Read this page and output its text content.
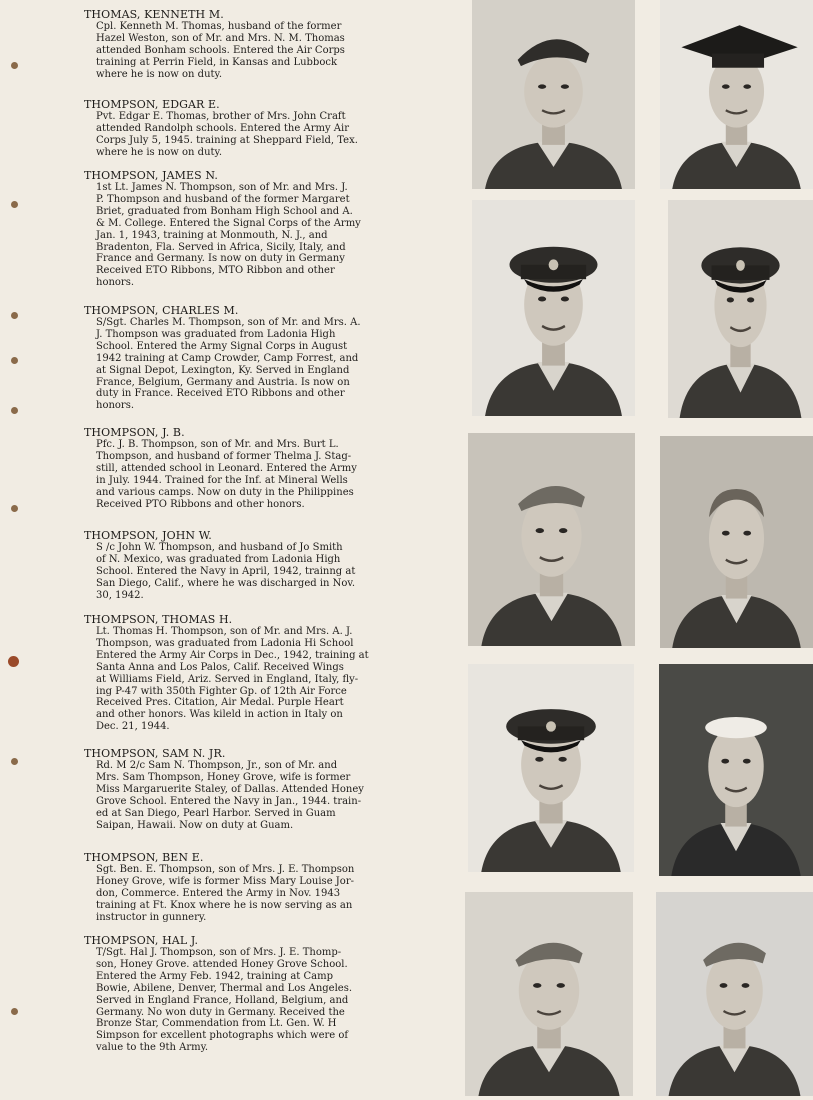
THOMAS, KENNETH M.
Cpl. Kenneth M. Thomas, husband of the former
Hazel Weston, son of Mr. and Mrs. N. M. Thomas
attended Bonham schools. Entered the Air Corps
training at Perrin Field, in Kansas and Lubbock
where he is now on duty.
THOMPSON, EDGAR E.
Pvt. Edgar E. Thomas, brother of Mrs. John Craft
attended Randolph schools. Entered the Army Air
Corps July 5, 1945. training at Sheppard Field, Tex.
where he is now on duty.
THOMPSON, JAMES N.
1st Lt. James N. Thompson, son of Mr. and Mrs. J.
P. Thompson and husband of the former Margaret
Briet, graduated from Bonham High School and A.
& M. College. Entered the Signal Corps of the Army
Jan. 1, 1943, training at Monmouth, N. J., and
Bradenton, Fla. Served in Africa, Sicily, Italy, and
France and Germany. Is now on duty in Germany
Received ETO Ribbons, MTO Ribbon and other
honors.
THOMPSON, CHARLES M.
S/Sgt. Charles M. Thompson, son of Mr. and Mrs. A.
J. Thompson was graduated from Ladonia High
School. Entered the Army Signal Corps in August
1942 training at Camp Crowder, Camp Forrest, and
at Signal Depot, Lexington, Ky. Served in England
France, Belgium, Germany and Austria. Is now on
duty in France. Received ETO Ribbons and other
honors.
THOMPSON, J. B.
Pfc. J. B. Thompson, son of Mr. and Mrs. Burt L.
Thompson, and husband of former Thelma J. Stag-
still, attended school in Leonard. Entered the Army
in July. 1944. Trained for the Inf. at Mineral Wells
and various camps. Now on duty in the Philippines
Received PTO Ribbons and other honors.
THOMPSON, JOHN W.
S /c John W. Thompson, and husband of Jo Smith
of N. Mexico, was graduated from Ladonia High
School. Entered the Navy in April, 1942, trainng at
San Diego, Calif., where he was discharged in Nov.
30, 1942.
THOMPSON, THOMAS H.
Lt. Thomas H. Thompson, son of Mr. and Mrs. A. J.
Thompson, was graduated from Ladonia Hi School
Entered the Army Air Corps in Dec., 1942, training at
Santa Anna and Los Palos, Calif. Received Wings
at Williams Field, Ariz. Served in England, Italy, fly-
ing P-47 with 350th Fighter Gp. of 12th Air Force
Received Pres. Citation, Air Medal. Purple Heart
and other honors. Was kileld in action in Italy on
Dec. 21, 1944.
THOMPSON, SAM N. JR.
Rd. M 2/c Sam N. Thompson, Jr., son of Mr. and
Mrs. Sam Thompson, Honey Grove, wife is former
Miss Margaruerite Staley, of Dallas. Attended Honey
Grove School. Entered the Navy in Jan., 1944. train-
ed at San Diego, Pearl Harbor. Served in Guam
Saipan, Hawaii. Now on duty at Guam.
THOMPSON, BEN E.
Sgt. Ben. E. Thompson, son of Mrs. J. E. Thompson
Honey Grove, wife is former Miss Mary Louise Jor-
don, Commerce. Entered the Army in Nov. 1943
training at Ft. Knox where he is now serving as an
instructor in gunnery.
THOMPSON, HAL J.
T/Sgt. Hal J. Thompson, son of Mrs. J. E. Thomp-
son, Honey Grove. attended Honey Grove School.
Entered the Army Feb. 1942, training at Camp
Bowie, Abilene, Denver, Thermal and Los Angeles.
Served in England France, Holland, Belgium, and
Germany. No won duty in Germany. Received the
Bronze Star, Commendation from Lt. Gen. W. H
Simpson for excellent photographs which were of
value to the 9th Army.
